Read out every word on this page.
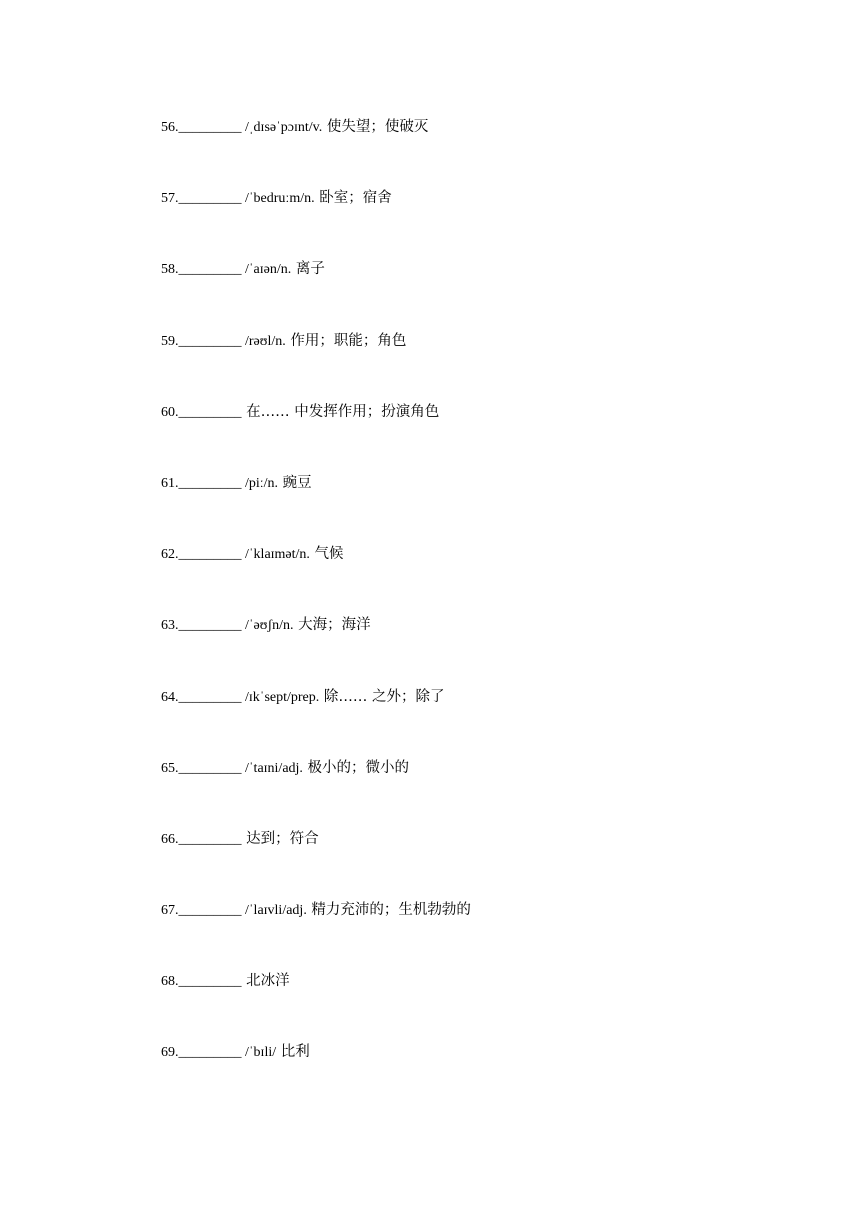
56._________ /ˌdɪsəˈpɔɪnt/v. 使失望；使破灭
57._________ /ˈbedruːm/n. 卧室；宿舍
58._________ /ˈaɪən/n. 离子
59._________ /rəʊl/n. 作用；职能；角色
60._________ 在…… 中发挥作用；扮演角色
61._________ /piː/n. 豌豆
62._________ /ˈklaɪmət/n. 气候
63._________ /ˈəʊʃn/n. 大海；海洋
64._________ /ɪkˈsept/prep. 除…… 之外；除了
65._________ /ˈtaɪni/adj. 极小的；微小的
66._________ 达到；符合
67._________ /ˈlaɪvli/adj. 精力充沛的；生机勃勃的
68._________ 北冰洋
69._________ /ˈbɪli/ 比利
